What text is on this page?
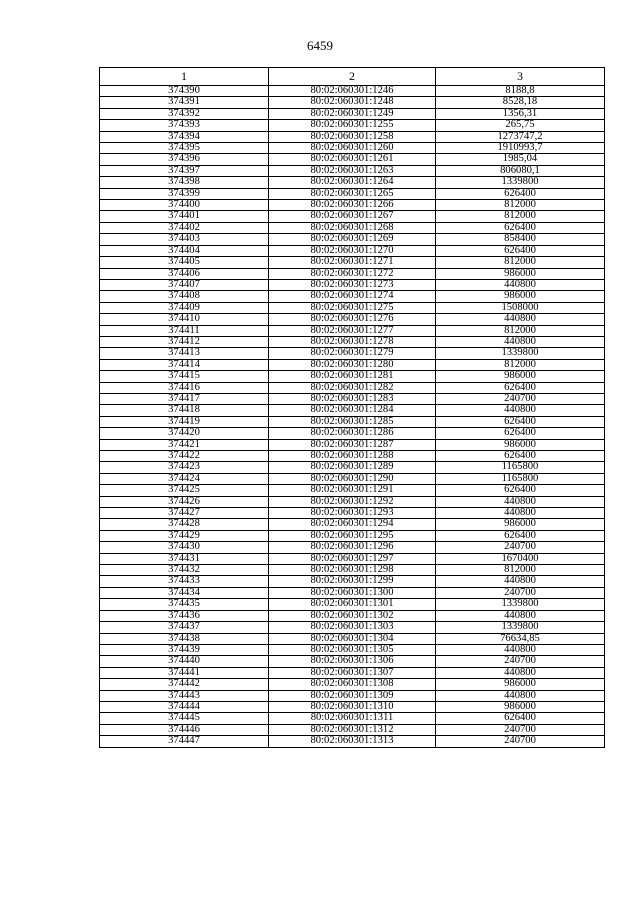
6459
1	2	3
374390	80:02:060301:1246	8188,8
374391	80:02:060301:1248	8528,18
374392	80:02:060301:1249	1356,31
374393	80:02:060301:1255	265,75
374394	80:02:060301:1258	1273747,2
374395	80:02:060301:1260	1910993,7
374396	80:02:060301:1261	1985,04
374397	80:02:060301:1263	806080,1
374398	80:02:060301:1264	1339800
374399	80:02:060301:1265	626400
374400	80:02:060301:1266	812000
374401	80:02:060301:1267	812000
374402	80:02:060301:1268	626400
374403	80:02:060301:1269	858400
374404	80:02:060301:1270	626400
374405	80:02:060301:1271	812000
374406	80:02:060301:1272	986000
374407	80:02:060301:1273	440800
374408	80:02:060301:1274	986000
374409	80:02:060301:1275	1508000
374410	80:02:060301:1276	440800
374411	80:02:060301:1277	812000
374412	80:02:060301:1278	440800
374413	80:02:060301:1279	1339800
374414	80:02:060301:1280	812000
374415	80:02:060301:1281	986000
374416	80:02:060301:1282	626400
374417	80:02:060301:1283	240700
374418	80:02:060301:1284	440800
374419	80:02:060301:1285	626400
374420	80:02:060301:1286	626400
374421	80:02:060301:1287	986000
374422	80:02:060301:1288	626400
374423	80:02:060301:1289	1165800
374424	80:02:060301:1290	1165800
374425	80:02:060301:1291	626400
374426	80:02:060301:1292	440800
374427	80:02:060301:1293	440800
374428	80:02:060301:1294	986000
374429	80:02:060301:1295	626400
374430	80:02:060301:1296	240700
374431	80:02:060301:1297	1670400
374432	80:02:060301:1298	812000
374433	80:02:060301:1299	440800
374434	80:02:060301:1300	240700
374435	80:02:060301:1301	1339800
374436	80:02:060301:1302	440800
374437	80:02:060301:1303	1339800
374438	80:02:060301:1304	76634,85
374439	80:02:060301:1305	440800
374440	80:02:060301:1306	240700
374441	80:02:060301:1307	440800
374442	80:02:060301:1308	986000
374443	80:02:060301:1309	440800
374444	80:02:060301:1310	986000
374445	80:02:060301:1311	626400
374446	80:02:060301:1312	240700
374447	80:02:060301:1313	240700
